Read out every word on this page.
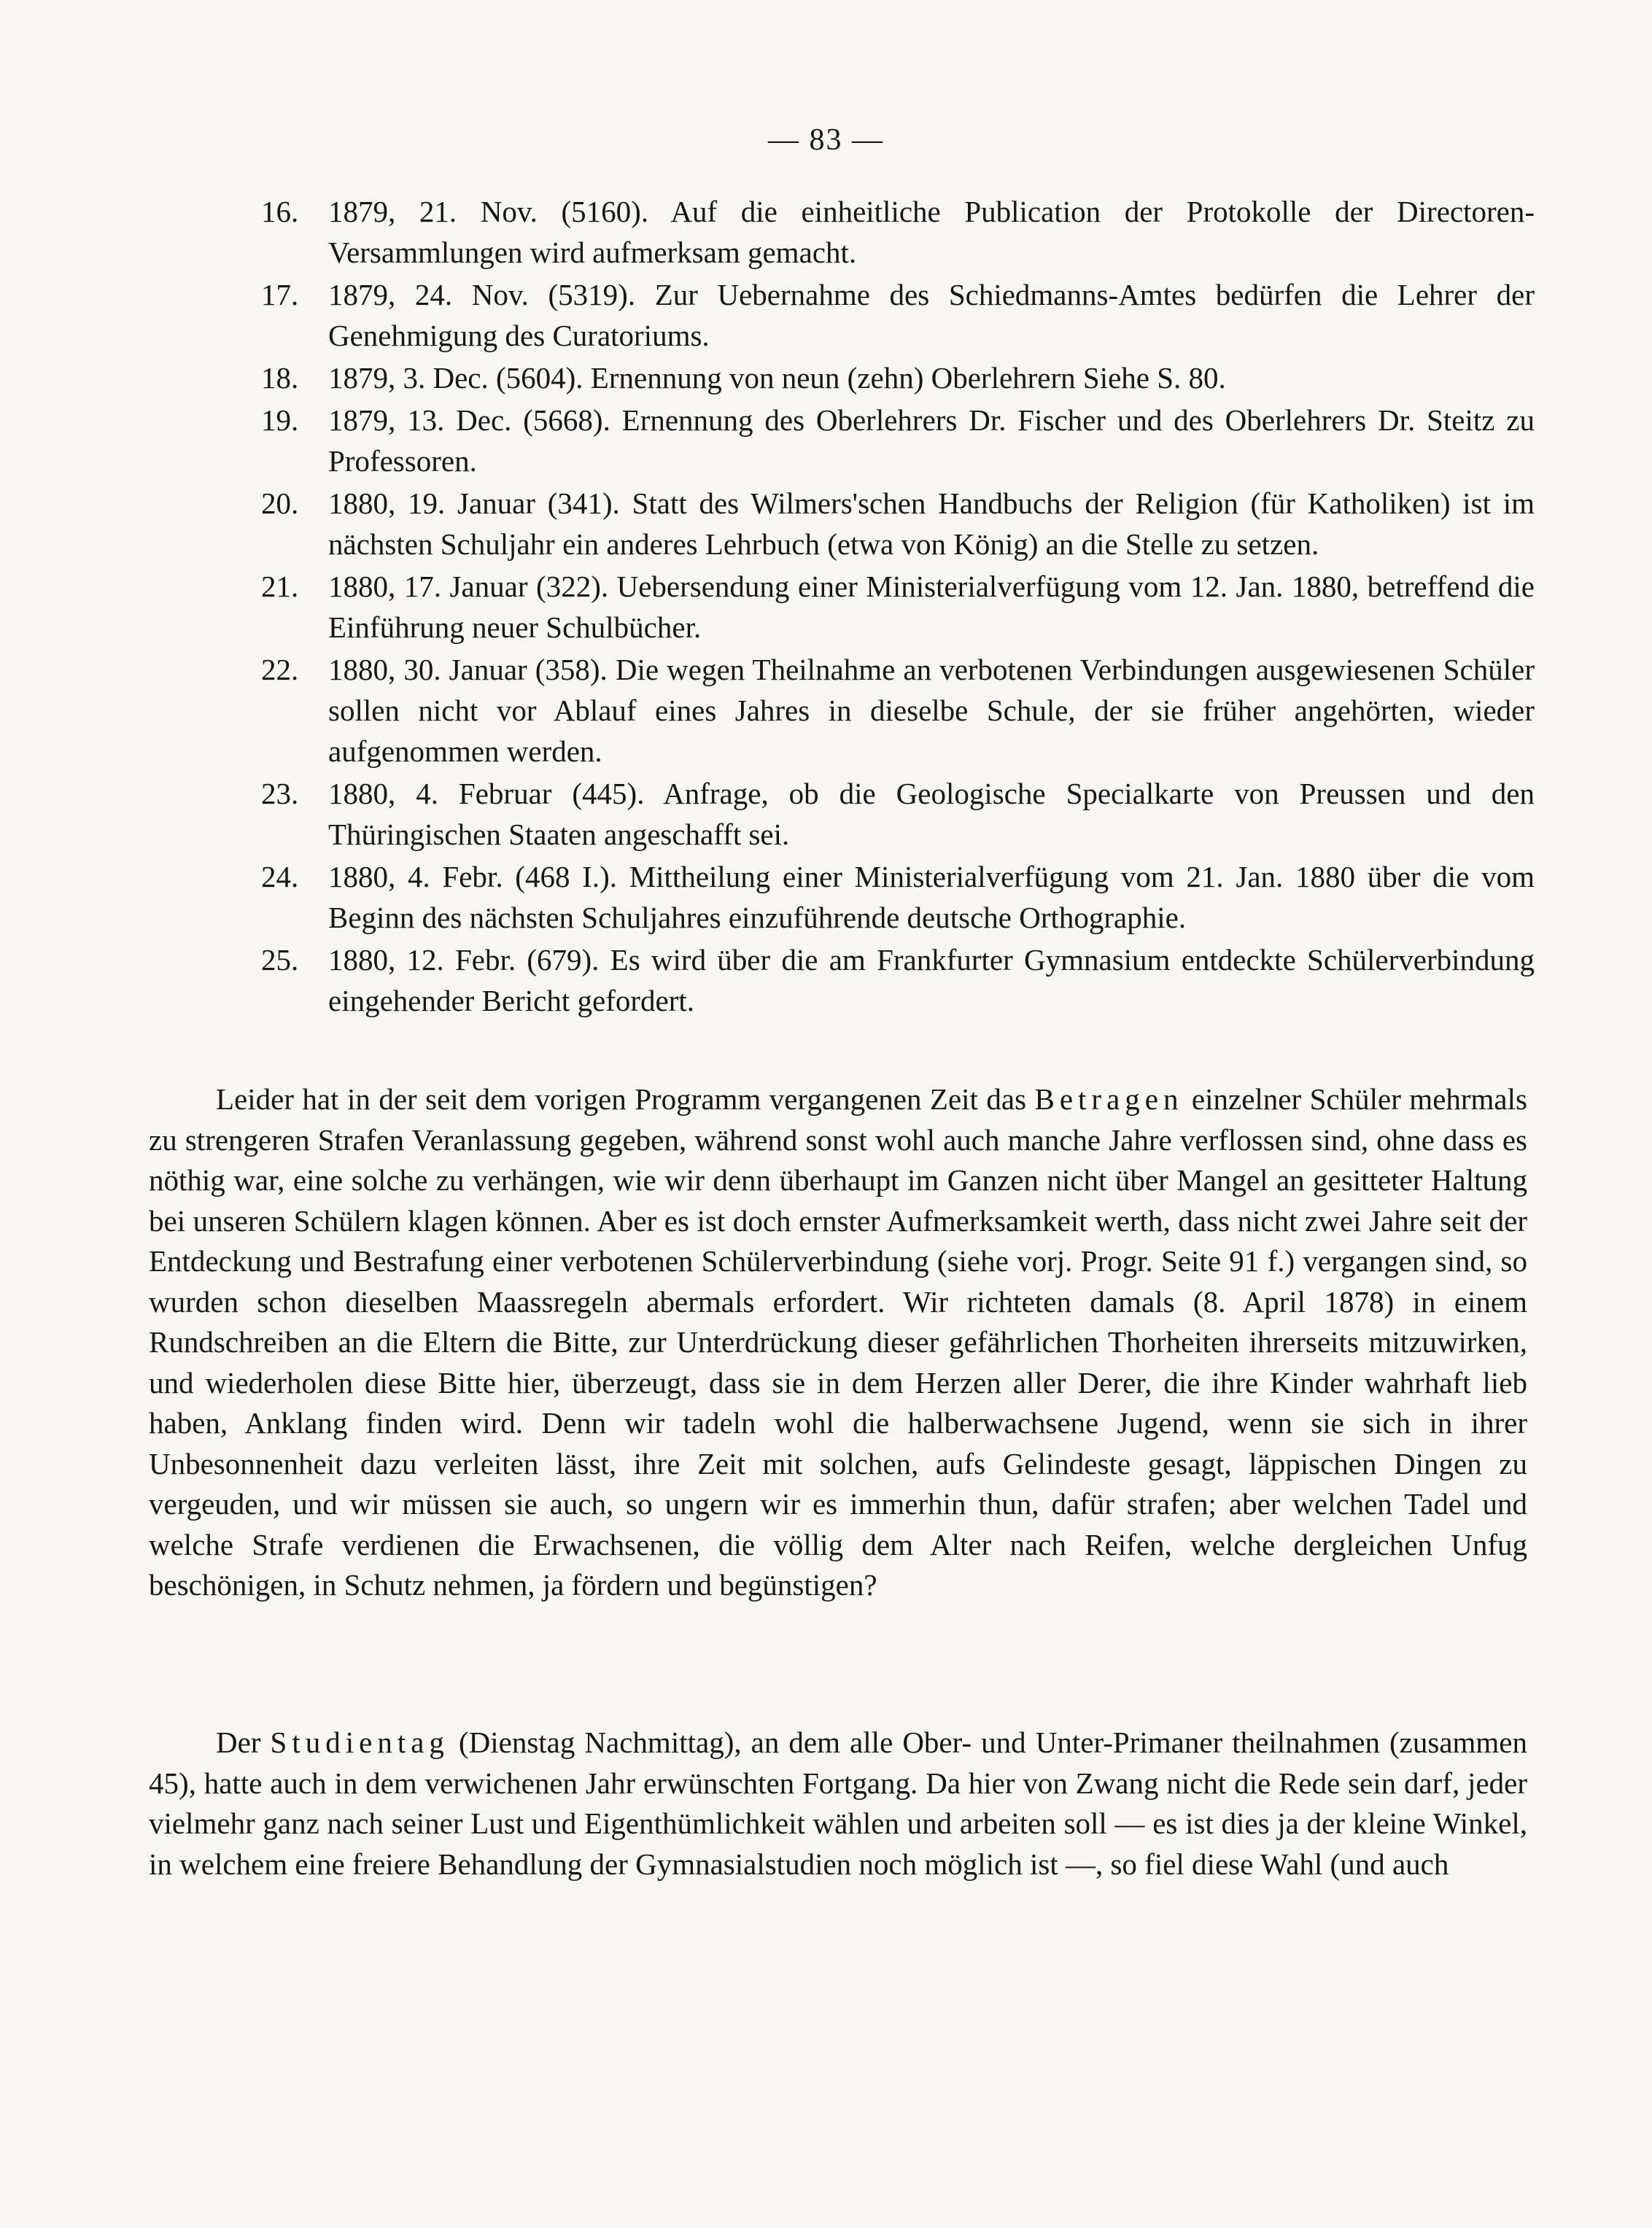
— 83 —
16. 1879, 21. Nov. (5160). Auf die einheitliche Publication der Protokolle der Directoren-Versammlungen wird aufmerksam gemacht.
17. 1879, 24. Nov. (5319). Zur Uebernahme des Schiedmanns-Amtes bedürfen die Lehrer der Genehmigung des Curatoriums.
18. 1879, 3. Dec. (5604). Ernennung von neun (zehn) Oberlehrern Siehe S. 80.
19. 1879, 13. Dec. (5668). Ernennung des Oberlehrers Dr. Fischer und des Oberlehrers Dr. Steitz zu Professoren.
20. 1880, 19. Januar (341). Statt des Wilmers'schen Handbuchs der Religion (für Katholiken) ist im nächsten Schuljahr ein anderes Lehrbuch (etwa von König) an die Stelle zu setzen.
21. 1880, 17. Januar (322). Uebersendung einer Ministerialverfügung vom 12. Jan. 1880, betreffend die Einführung neuer Schulbücher.
22. 1880, 30. Januar (358). Die wegen Theilnahme an verbotenen Verbindungen ausgewiesenen Schüler sollen nicht vor Ablauf eines Jahres in dieselbe Schule, der sie früher angehörten, wieder aufgenommen werden.
23. 1880, 4. Februar (445). Anfrage, ob die Geologische Specialkarte von Preussen und den Thüringischen Staaten angeschafft sei.
24. 1880, 4. Febr. (468 I.). Mittheilung einer Ministerialverfügung vom 21. Jan. 1880 über die vom Beginn des nächsten Schuljahres einzuführende deutsche Orthographie.
25. 1880, 12. Febr. (679). Es wird über die am Frankfurter Gymnasium entdeckte Schülerverbindung eingehender Bericht gefordert.

Leider hat in der seit dem vorigen Programm vergangenen Zeit das Betragen einzelner Schüler mehrmals zu strengeren Strafen Veranlassung gegeben, während sonst wohl auch manche Jahre verflossen sind, ohne dass es nöthig war, eine solche zu verhängen, wie wir denn überhaupt im Ganzen nicht über Mangel an gesitteter Haltung bei unseren Schülern klagen können. Aber es ist doch ernster Aufmerksamkeit werth, dass nicht zwei Jahre seit der Entdeckung und Bestrafung einer verbotenen Schülerverbindung (siehe vorj. Progr. Seite 91 f.) vergangen sind, so wurden schon dieselben Maassregeln abermals erfordert. Wir richteten damals (8. April 1878) in einem Rundschreiben an die Eltern die Bitte, zur Unterdrückung dieser gefährlichen Thorheiten ihrerseits mitzuwirken, und wiederholen diese Bitte hier, überzeugt, dass sie in dem Herzen aller Derer, die ihre Kinder wahrhaft lieb haben, Anklang finden wird. Denn wir tadeln wohl die halberwachsene Jugend, wenn sie sich in ihrer Unbesonnenheit dazu verleiten lässt, ihre Zeit mit solchen, aufs Gelindeste gesagt, läppischen Dingen zu vergeuden, und wir müssen sie auch, so ungern wir es immerhin thun, dafür strafen; aber welchen Tadel und welche Strafe verdienen die Erwachsenen, die völlig dem Alter nach Reifen, welche dergleichen Unfug beschönigen, in Schutz nehmen, ja fördern und begünstigen?

Der Studientag (Dienstag Nachmittag), an dem alle Ober- und Unter-Primaner theilnahmen (zusammen 45), hatte auch in dem verwichenen Jahr erwünschten Fortgang. Da hier von Zwang nicht die Rede sein darf, jeder vielmehr ganz nach seiner Lust und Eigenthümlichkeit wählen und arbeiten soll — es ist dies ja der kleine Winkel, in welchem eine freiere Behandlung der Gymnasialstudien noch möglich ist —, so fiel diese Wahl (und auch
